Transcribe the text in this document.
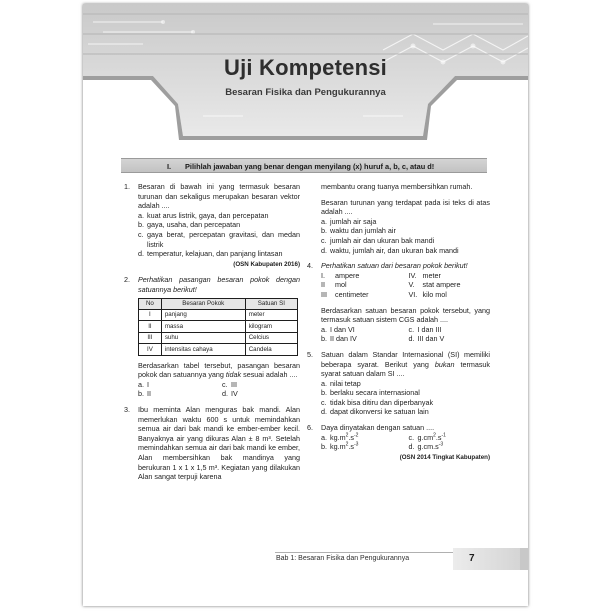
Uji Kompetensi
Besaran Fisika dan Pengukurannya
I. Pilihlah jawaban yang benar dengan menyilang (x) huruf a, b, c, atau d!
1. Besaran di bawah ini yang termasuk besaran turunan dan sekaligus merupakan besaran vektor adalah ....
a. kuat arus listrik, gaya, dan percepatan
b. gaya, usaha, dan percepatan
c. gaya berat, percepatan gravitasi, dan medan listrik
d. temperatur, kelajuan, dan panjang lintasan
(OSN Kabupaten 2016)
2. Perhatikan pasangan besaran pokok dengan satuannya berikut!
No	Besaran Pokok	Satuan SI
I	panjang	meter
II	massa	kilogram
III	suhu	Celcius
IV	intensitas cahaya	Candela
Berdasarkan tabel tersebut, pasangan besaran pokok dan satuannya yang tidak sesuai adalah ....
a. I	c. III
b. II	d. IV
3. Ibu meminta Alan menguras bak mandi. Alan memerlukan waktu 600 s untuk memindahkan semua air dari bak mandi ke ember-ember kecil. Banyaknya air yang dikuras Alan ± 8 m³. Setelah memindahkan semua air dari bak mandi ke ember, Alan membersihkan bak mandinya yang berukuran 1 x 1 x 1,5 m³. Kegiatan yang dilakukan Alan sangat terpuji karena
membantu orang tuanya membersihkan rumah.
Besaran turunan yang terdapat pada isi teks di atas adalah ....
a. jumlah air saja
b. waktu dan jumlah air
c. jumlah air dan ukuran bak mandi
d. waktu, jumlah air, dan ukuran bak mandi
4. Perhatikan satuan dari besaran pokok berikut!
I. ampere	IV. meter
II mol	V. stat ampere
III centimeter	VI. kilo mol
Berdasarkan satuan besaran pokok tersebut, yang termasuk satuan sistem CGS adalah ....
a. I dan VI	c. I dan III
b. II dan IV	d. III dan V
5. Satuan dalam Standar Internasional (SI) memiliki beberapa syarat. Berikut yang bukan termasuk syarat satuan dalam SI ....
a. nilai tetap
b. berlaku secara internasional
c. tidak bisa ditiru dan diperbanyak
d. dapat dikonversi ke satuan lain
6. Daya dinyatakan dengan satuan ....
a. $kg.m^2.s^{-2}$	c. $g.cm^2.s^{-1}$
b. $kg.m^2.s^{-3}$	d. $g.cm.s^{-3}$
(OSN 2014 Tingkat Kabupaten)
Bab 1: Besaran Fisika dan Pengukurannya	7
